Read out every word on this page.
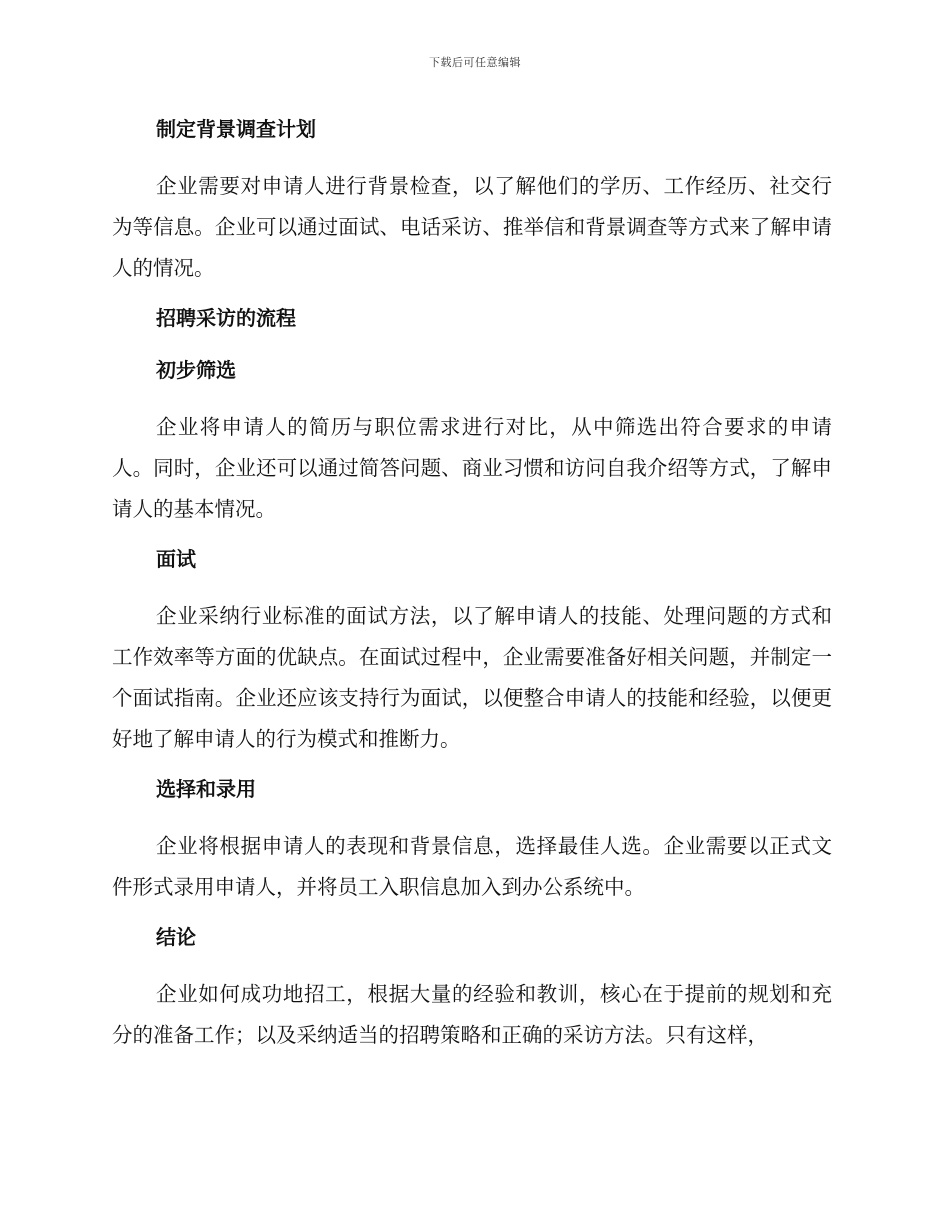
下载后可任意编辑
制定背景调查计划

企业需要对申请人进行背景检查，以了解他们的学历、工作经历、社交行为等信息。企业可以通过面试、电话采访、推举信和背景调查等方式来了解申请人的情况。

招聘采访的流程
初步筛选

企业将申请人的简历与职位需求进行对比，从中筛选出符合要求的申请人。同时，企业还可以通过简答问题、商业习惯和访问自我介绍等方式，了解申请人的基本情况。

面试

企业采纳行业标准的面试方法，以了解申请人的技能、处理问题的方式和工作效率等方面的优缺点。在面试过程中，企业需要准备好相关问题，并制定一个面试指南。企业还应该支持行为面试，以便整合申请人的技能和经验，以便更好地了解申请人的行为模式和推断力。

选择和录用

企业将根据申请人的表现和背景信息，选择最佳人选。企业需要以正式文件形式录用申请人，并将员工入职信息加入到办公系统中。

结论

企业如何成功地招工，根据大量的经验和教训，核心在于提前的规划和充分的准备工作；以及采纳适当的招聘策略和正确的采访方法。只有这样，
